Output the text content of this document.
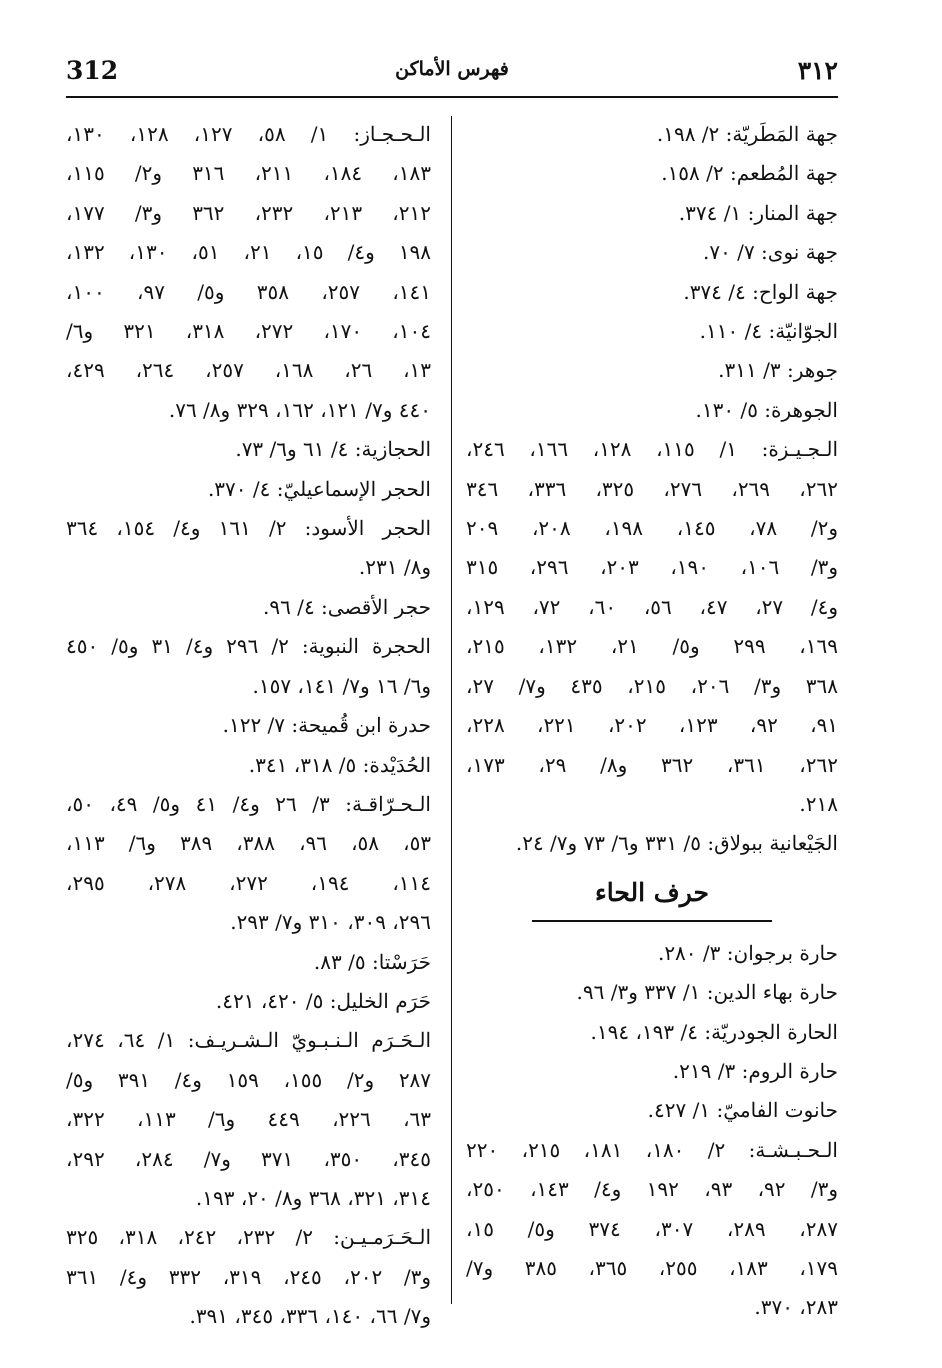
312	فهرس الأماكن	٣١٢

جهة المَطَريّة: ٢/ ١٩٨.

جهة المُطعم: ٢/ ١٥٨.

جهة المنار: ١/ ٣٧٤.

جهة نوى: ٧/ ٧٠.

جهة الواح: ٤/ ٣٧٤.

الجوّانيّة: ٤/ ١١٠.

جوهر: ٣/ ٣١١.

الجوهرة: ٥/ ١٣٠.

الـجـيـزة: ١/ ١١٥، ١٢٨، ١٦٦، ٢٤٦،

٢٦٢، ٢٦٩، ٢٧٦، ٣٢٥، ٣٣٦، ٣٤٦

و٢/ ٧٨، ١٤٥، ١٩٨، ٢٠٨، ٢٠٩

و٣/ ١٠٦، ١٩٠، ٢٠٣، ٢٩٦، ٣١٥

و٤/ ٢٧، ٤٧، ٥٦، ٦٠، ٧٢، ١٢٩،

١٦٩، ٢٩٩ و٥/ ٢١، ١٣٢، ٢١٥،

٣٦٨ و٣/ ٢٠٦، ٢١٥، ٤٣٥ و٧/ ٢٧،

٩١، ٩٢، ١٢٣، ٢٠٢، ٢٢١، ٢٢٨،

٢٦٢، ٣٦١، ٣٦٢ و٨/ ٢٩، ١٧٣،

٢١٨.

الجَيْعانية ببولاق: ٥/ ٣٣١ و٦/ ٧٣ و٧/ ٢٤.

حرف الحاء

حارة برجوان: ٣/ ٢٨٠.

حارة بهاء الدين: ١/ ٣٣٧ و٣/ ٩٦.

الحارة الجودريّة: ٤/ ١٩٣، ١٩٤.

حارة الروم: ٣/ ٢١٩.

حانوت الفاميّ: ١/ ٤٢٧.

الـحـبـشـة: ٢/ ١٨٠، ١٨١، ٢١٥، ٢٢٠

و٣/ ٩٢، ٩٣، ١٩٢ و٤/ ١٤٣، ٢٥٠،

٢٨٧، ٢٨٩، ٣٠٧، ٣٧٤ و٥/ ١٥،

١٧٩، ١٨٣، ٢٥٥، ٣٦٥، ٣٨٥ و٧/

٢٨٣، ٣٧٠.

الـحـجـاز: ١/ ٥٨، ١٢٧، ١٢٨، ١٣٠،

١٨٣، ١٨٤، ٢١١، ٣١٦ و٢/ ١١٥،

٢١٢، ٢١٣، ٢٣٢، ٣٦٢ و٣/ ١٧٧،

١٩٨ و٤/ ١٥، ٢١، ٥١، ١٣٠، ١٣٢،

١٤١، ٢٥٧، ٣٥٨ و٥/ ٩٧، ١٠٠،

١٠٤، ١٧٠، ٢٧٢، ٣١٨، ٣٢١ و٦/

١٣، ٢٦، ١٦٨، ٢٥٧، ٢٦٤، ٤٢٩،

٤٤٠ و٧/ ١٢١، ١٦٢، ٣٢٩ و٨/ ٧٦.

الحجازية: ٤/ ٦١ و٦/ ٧٣.

الحجر الإسماعيليّ: ٤/ ٣٧٠.

الحجر الأسود: ٢/ ١٦١ و٤/ ١٥٤، ٣٦٤

و٨/ ٢٣١.

حجر الأقصى: ٤/ ٩٦.

الحجرة النبوية: ٢/ ٢٩٦ و٤/ ٣١ و٥/ ٤٥٠

و٦/ ١٦ و٧/ ١٤١، ١٥٧.

حدرة ابن قُميحة: ٧/ ١٢٢.

الحُدَيْدة: ٥/ ٣١٨، ٣٤١.

الـحـرّاقـة: ٣/ ٢٦ و٤/ ٤١ و٥/ ٤٩، ٥٠،

٥٣، ٥٨، ٩٦، ٣٨٨، ٣٨٩ و٦/ ١١٣،

١١٤، ١٩٤، ٢٧٢، ٢٧٨، ٢٩٥،

٢٩٦، ٣٠٩، ٣١٠ و٧/ ٢٩٣.

حَرَسْتا: ٥/ ٨٣.

حَرَم الخليل: ٥/ ٤٢٠، ٤٢١.

الـحَـرَم الـنـبـويّ الـشـريـف: ١/ ٦٤، ٢٧٤،

٢٨٧ و٢/ ١٥٥، ١٥٩ و٤/ ٣٩١ و٥/

٦٣، ٢٢٦، ٤٤٩ و٦/ ١١٣، ٣٢٢،

٣٤٥، ٣٥٠، ٣٧١ و٧/ ٢٨٤، ٢٩٢،

٣١٤، ٣٢١، ٣٦٨ و٨/ ٢٠، ١٩٣.

الـحَـرَمـيـن: ٢/ ٢٣٢، ٢٤٢، ٣١٨، ٣٢٥

و٣/ ٢٠٢، ٢٤٥، ٣١٩، ٣٣٢ و٤/ ٣٦١

و٧/ ٦٦، ١٤٠، ٣٣٦، ٣٤٥، ٣٩١.
